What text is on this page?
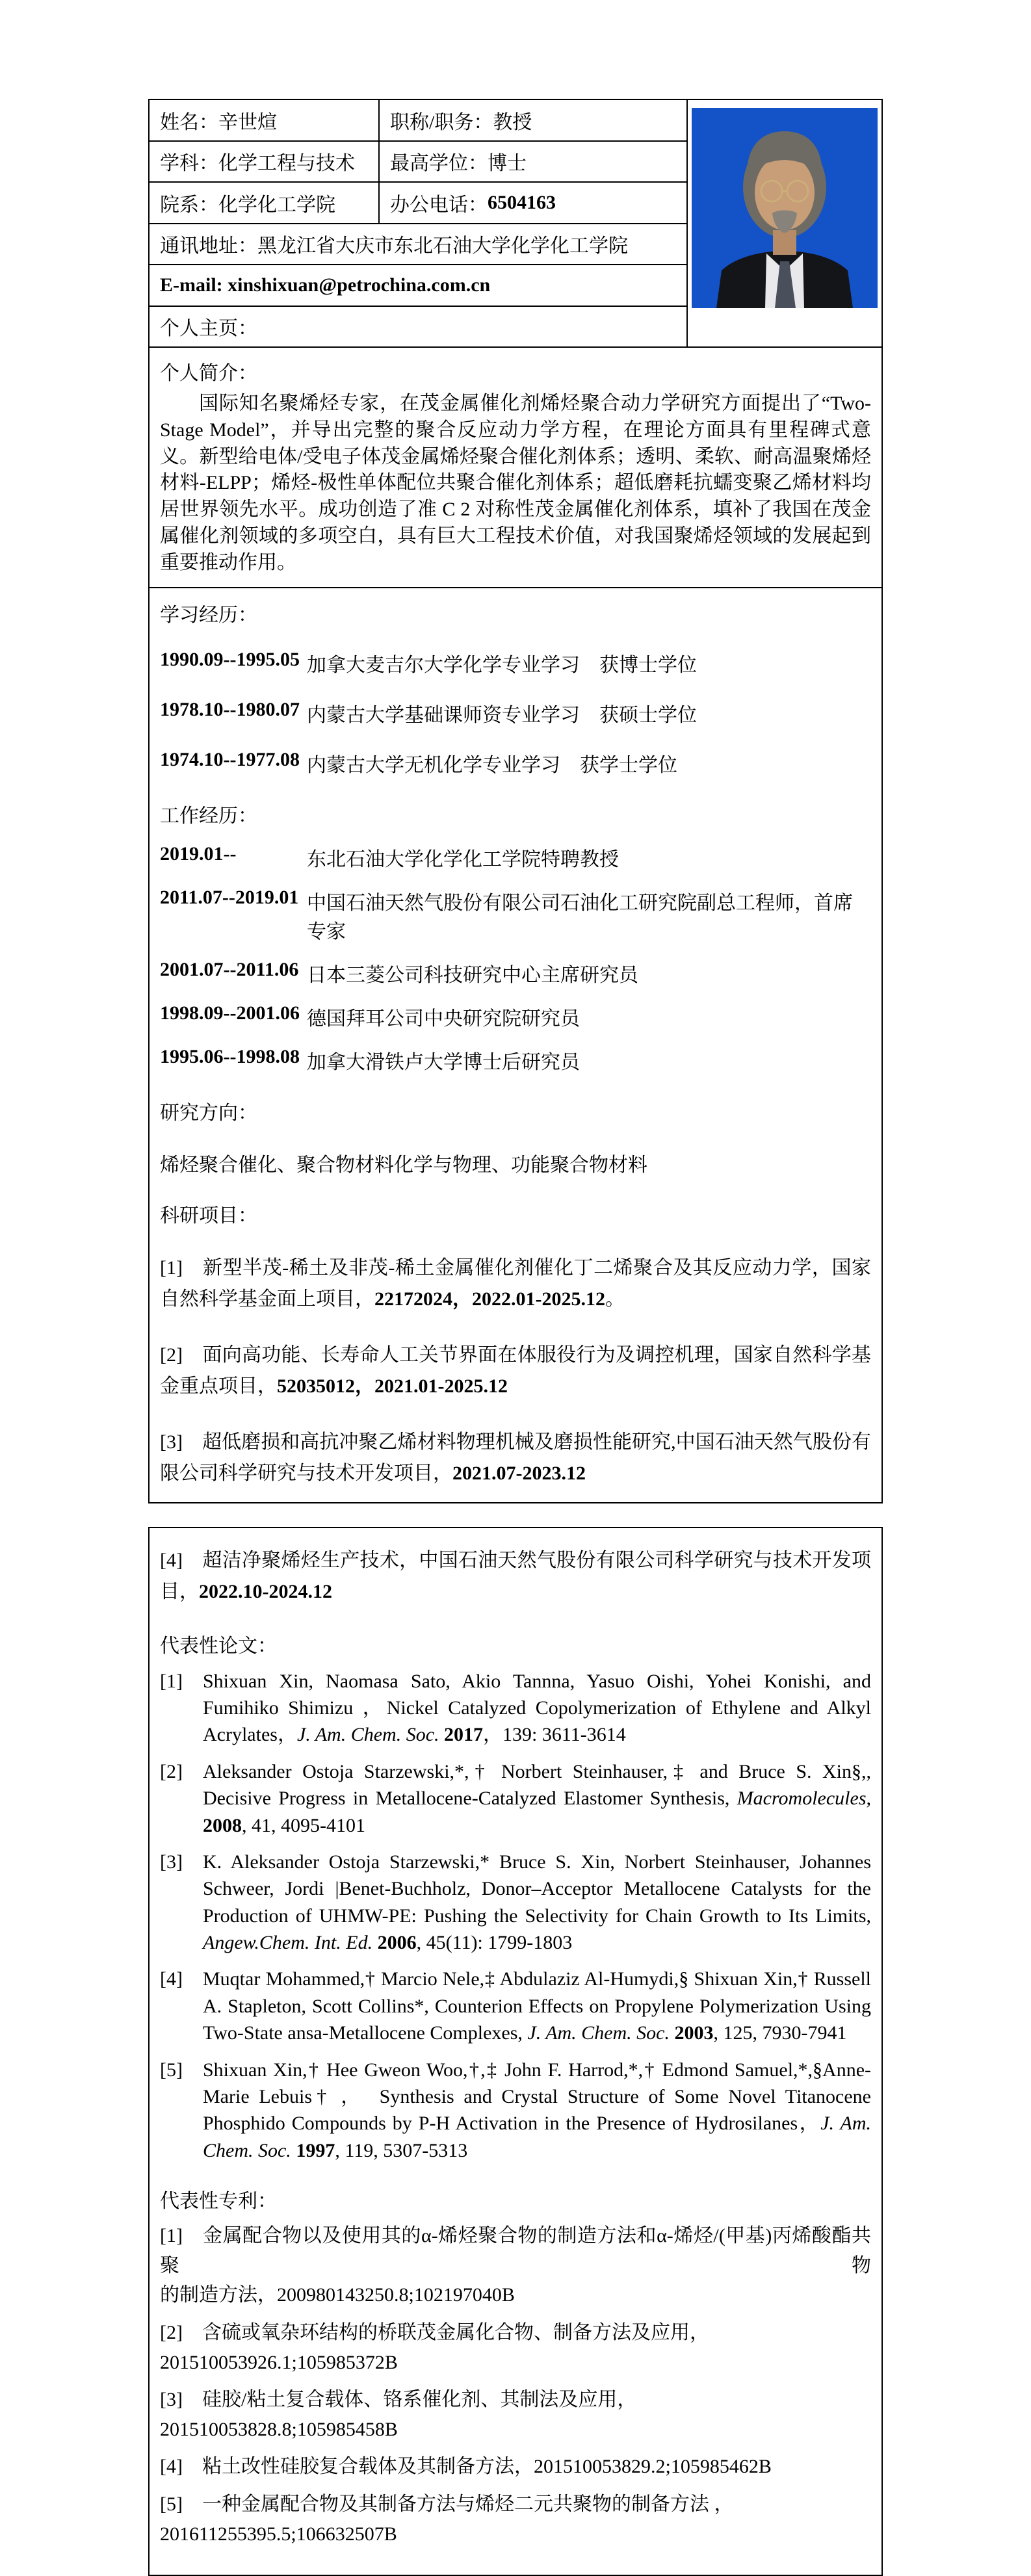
姓名： 辛世煊	职称/职务： 教授
学科： 化学工程与技术 最高学位： 博士
院系： 化学化工学院	办公电话： 6504163
通讯地址： 黑龙江省大庆市东北石油大学化学化工学院
E-mail:
xinshixuan@petrochina.com.cn
个人主页：
个人简介：

国际知名聚烯烃专家，在茂金属催化剂烯烃聚合动力学研究方面提出了“Two-Stage Model”，并导出完整的聚合反应动力学方程，在理论方面具有里程碑式意义。新型给电体/受电子体茂金属烯烃聚合催化剂体系；透明、柔软、耐高温聚烯烃材料-ELPP；烯烃-极性单体配位共聚合催化剂体系；超低磨耗抗蠕变聚乙烯材料均居世界领先水平。成功创造了准 C 2 对称性茂金属催化剂体系，填补了我国在茂金属催化剂领域的多项空白，具有巨大工程技术价值，对我国聚烯烃领域的发展起到重要推动作用。

学习经历：
1990.09--1995.05 加拿大麦吉尔大学化学专业学习　获博士学位
1978.10--1980.07 内蒙古大学基础课师资专业学习　获硕士学位
1974.10--1977.08 内蒙古大学无机化学专业学习　获学士学位
工作经历：
2019.01--	东北石油大学化学化工学院特聘教授
2011.07--2019.01 中国石油天然气股份有限公司石油化工研究院副总工程师，首席专家
2001.07--2011.06 日本三菱公司科技研究中心主席研究员
1998.09--2001.06 德国拜耳公司中央研究院研究员
1995.06--1998.08 加拿大滑铁卢大学博士后研究员
研究方向：
烯烃聚合催化、聚合物材料化学与物理、功能聚合物材料
科研项目：

[1]　新型半茂-稀土及非茂-稀土金属催化剂催化丁二烯聚合及其反应动力学，国家自然科学基金面上项目，22172024，2022.01-2025.12。

[2]　面向高功能、长寿命人工关节界面在体服役行为及调控机理，国家自然科学基金重点项目，52035012，2021.01-2025.12

[3]　超低磨损和高抗冲聚乙烯材料物理机械及磨损性能研究,中国石油天然气股份有限公司科学研究与技术开发项目，2021.07-2023.12

[4]　超洁净聚烯烃生产技术，中国石油天然气股份有限公司科学研究与技术开发项目，2022.10-2024.12

代表性论文：
[1] Shixuan Xin, Naomasa Sato, Akio Tannna, Yasuo Oishi, Yohei Konishi, and Fumihiko Shimizu ，Nickel Catalyzed Copolymerization of Ethylene and Alkyl Acrylates，J. Am. Chem. Soc. 2017，139: 3611-3614
[2] Aleksander Ostoja Starzewski,*,† Norbert Steinhauser,‡ and Bruce S. Xin§,, Decisive Progress in Metallocene-Catalyzed Elastomer Synthesis, Macromolecules, 2008, 41, 4095-4101
[3] K. Aleksander Ostoja Starzewski,* Bruce S. Xin, Norbert Steinhauser, Johannes Schweer, Jordi |Benet-Buchholz, Donor–Acceptor Metallocene Catalysts for the Production of UHMW-PE: Pushing the Selectivity for Chain Growth to Its Limits, Angew.Chem. Int. Ed. 2006, 45(11): 1799-1803
[4] Muqtar Mohammed,† Marcio Nele,‡ Abdulaziz Al-Humydi,§ Shixuan Xin,† Russell A. Stapleton, Scott Collins*, Counterion Effects on Propylene Polymerization Using Two-State ansa-Metallocene Complexes, J. Am. Chem. Soc. 2003, 125, 7930-7941
[5] Shixuan Xin,† Hee Gweon Woo,†,‡ John F. Harrod,*,† Edmond Samuel,*,§Anne-Marie Lebuis† ，　Synthesis and Crystal Structure of Some Novel Titanocene Phosphido Compounds by P-H Activation in the Presence of Hydrosilanes，J. Am. Chem. Soc. 1997, 119, 5307-5313
代表性专利：
[1]　金属配合物以及使用其的α-烯烃聚合物的制造方法和α-烯烃/(甲基)丙烯酸酯共聚物
的制造方法，200980143250.8;102197040B
[2]　含硫或氧杂环结构的桥联茂金属化合物、制备方法及应用，
201510053926.1;105985372B
[3]　硅胶/粘土复合载体、铬系催化剂、其制法及应用， 201510053828.8;105985458B
[4]　粘土改性硅胶复合载体及其制备方法，201510053829.2;105985462B
[5]　一种金属配合物及其制备方法与烯烃二元共聚物的制备方法 ，
201611255395.5;106632507B
